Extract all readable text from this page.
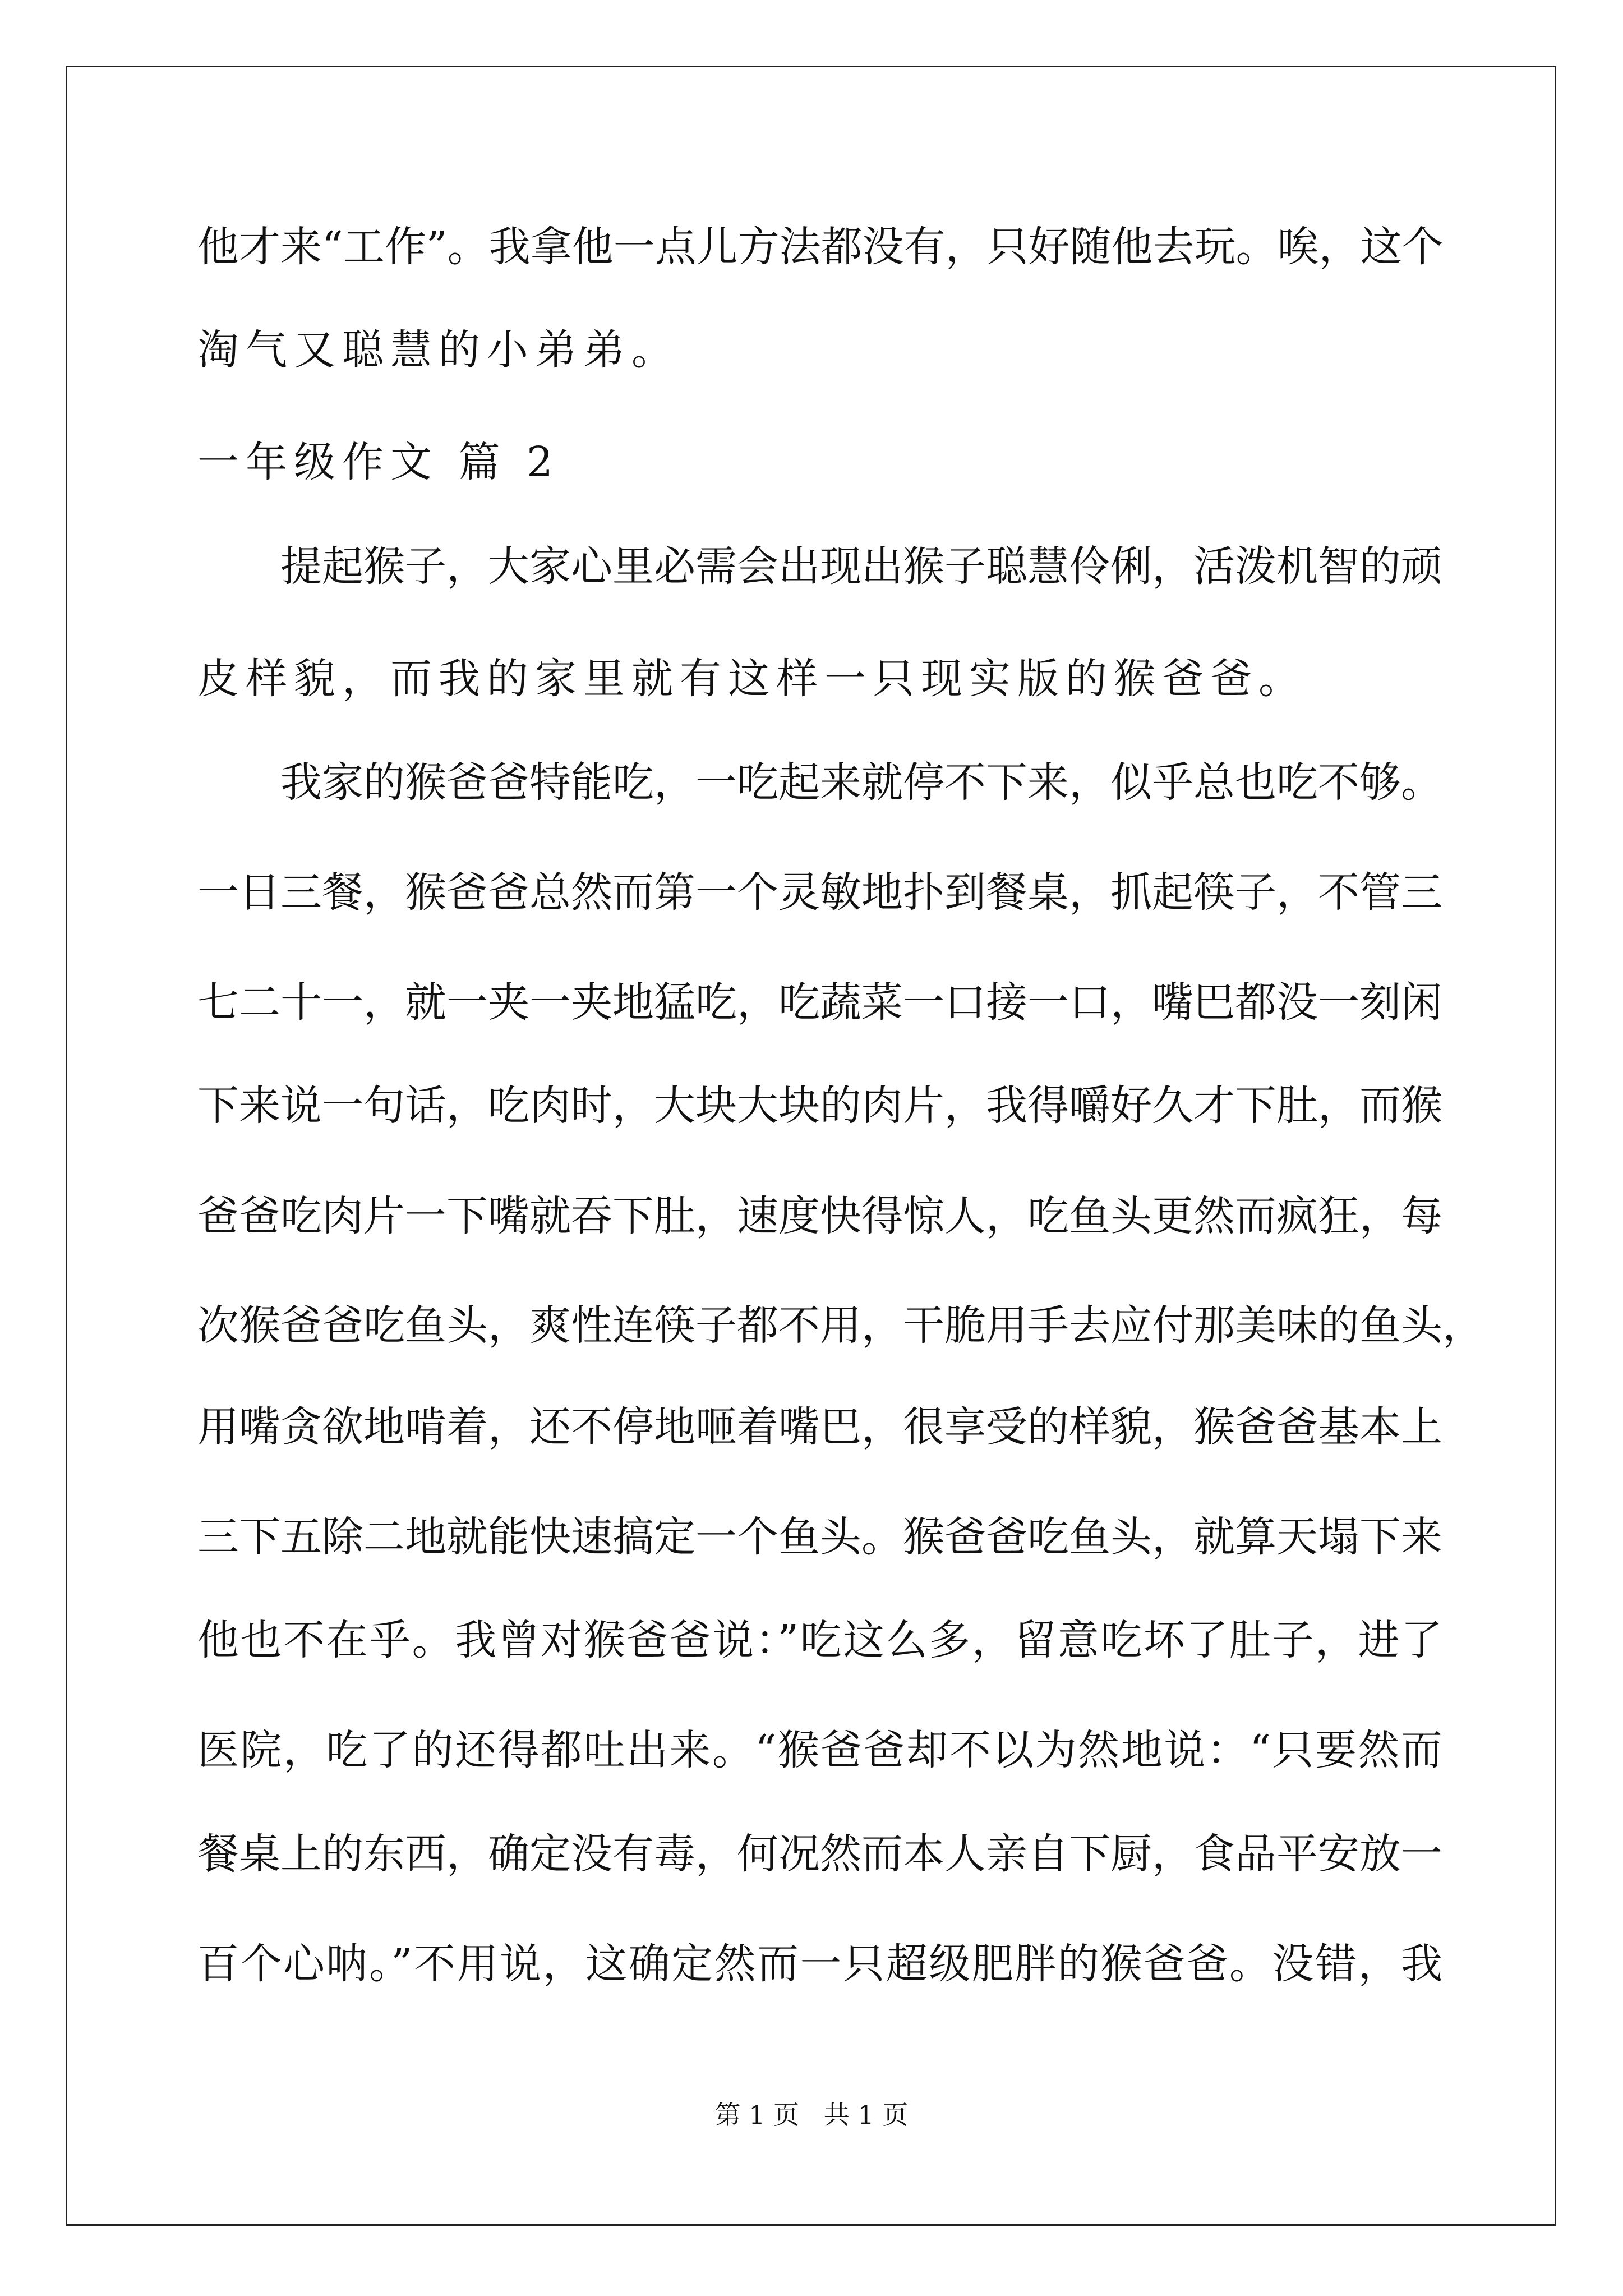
他才来“工作”。我拿他一点儿方法都没有，只好随他去玩。唉，这个
淘气又聪慧的小弟弟。
一年级作文 篇 2
提起猴子，大家心里必需会出现出猴子聪慧伶俐，活泼机智的顽
皮样貌，而我的家里就有这样一只现实版的猴爸爸。
我家的猴爸爸特能吃，一吃起来就停不下来，似乎总也吃不够。
一日三餐，猴爸爸总然而第一个灵敏地扑到餐桌，抓起筷子，不管三
七二十一，就一夹一夹地猛吃，吃蔬菜一口接一口，嘴巴都没一刻闲
下来说一句话，吃肉时，大块大块的肉片，我得嚼好久才下肚，而猴
爸爸吃肉片一下嘴就吞下肚，速度快得惊人，吃鱼头更然而疯狂，每
次猴爸爸吃鱼头，爽性连筷子都不用，干脆用手去应付那美味的鱼头，
用嘴贪欲地啃着，还不停地咂着嘴巴，很享受的样貌，猴爸爸基本上
三下五除二地就能快速搞定一个鱼头。猴爸爸吃鱼头，就算天塌下来
他也不在乎。我曾对猴爸爸说：”吃这么多，留意吃坏了肚子，进了
医院，吃了的还得都吐出来。“猴爸爸却不以为然地说：“只要然而
餐桌上的东西，确定没有毒，何况然而本人亲自下厨，食品平安放一
百个心呐。”不用说，这确定然而一只超级肥胖的猴爸爸。没错，我
第 1 页   共 1 页
